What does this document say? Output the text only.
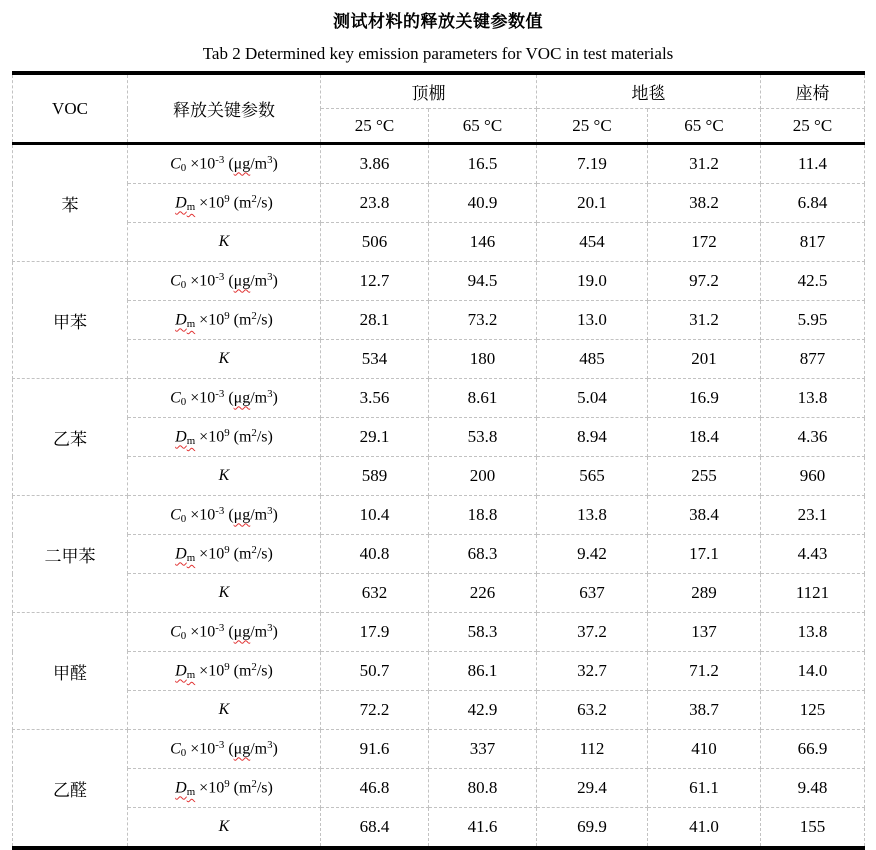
测试材料的释放关键参数值
Tab 2 Determined key emission parameters for VOC in test materials
VOC	释放关键参数	顶棚		地毯		座椅
		25 °C	65 °C	25 °C	65 °C	25 °C
苯	$C0 \times 10^{-3}$ $(\mu g/m^3)$	3.86	16.5	7.19	31.2	11.4
	$Dm \times 10^9$ $(m^2/s)$	23.8	40.9	20.1	38.2	6.84
	K	506	146	454	172	817
甲苯	$C0 \times 10^{-3}$ $(\mu g/m^3)$	12.7	94.5	19.0	97.2	42.5
	$Dm \times 10^9$ $(m^2/s)$	28.1	73.2	13.0	31.2	5.95
	K	534	180	485	201	877
乙苯	$C0 \times 10^{-3}$ $(\mu g/m^3)$	3.56	8.61	5.04	16.9	13.8
	$Dm \times 10^9$ $(m^2/s)$	29.1	53.8	8.94	18.4	4.36
	K	589	200	565	255	960
二甲苯	$C0 \times 10^{-3}$ $(\mu g/m^3)$	10.4	18.8	13.8	38.4	23.1
	$Dm \times 10^9$ $(m^2/s)$	40.8	68.3	9.42	17.1	4.43
	K	632	226	637	289	1121
甲醛	$C0 \times 10^{-3}$ $(\mu g/m^3)$	17.9	58.3	37.2	137	13.8
	$Dm \times 10^9$ $(m^2/s)$	50.7	86.1	32.7	71.2	14.0
	K	72.2	42.9	63.2	38.7	125
乙醛	$C0 \times 10^{-3}$ $(\mu g/m^3)$	91.6	337	112	410	66.9
	$Dm \times 10^9$ $(m^2/s)$	46.8	80.8	29.4	61.1	9.48
	K	68.4	41.6	69.9	41.0	155
